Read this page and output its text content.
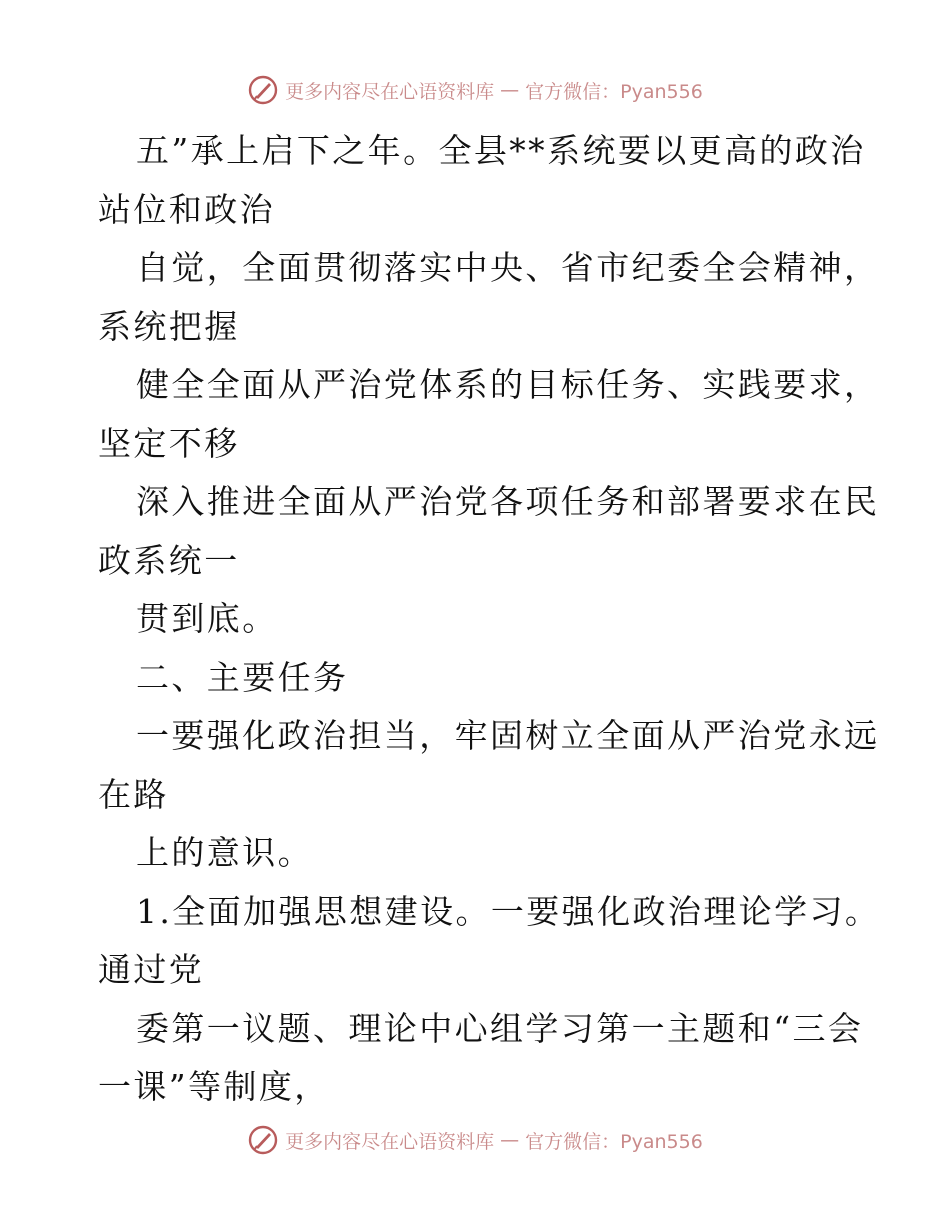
更多内容尽在心语资料库 — 官方微信：Pyan556
五”承上启下之年。全县**系统要以更高的政治
站位和政治
自觉，全面贯彻落实中央、省市纪委全会精神，
系统把握
健全全面从严治党体系的目标任务、实践要求，
坚定不移
深入推进全面从严治党各项任务和部署要求在民
政系统一
贯到底。
二、主要任务
一要强化政治担当，牢固树立全面从严治党永远
在路
上的意识。
1.全面加强思想建设。一要强化政治理论学习。
通过党
委第一议题、理论中心组学习第一主题和“三会
一课”等制度，
更多内容尽在心语资料库 — 官方微信：Pyan556
